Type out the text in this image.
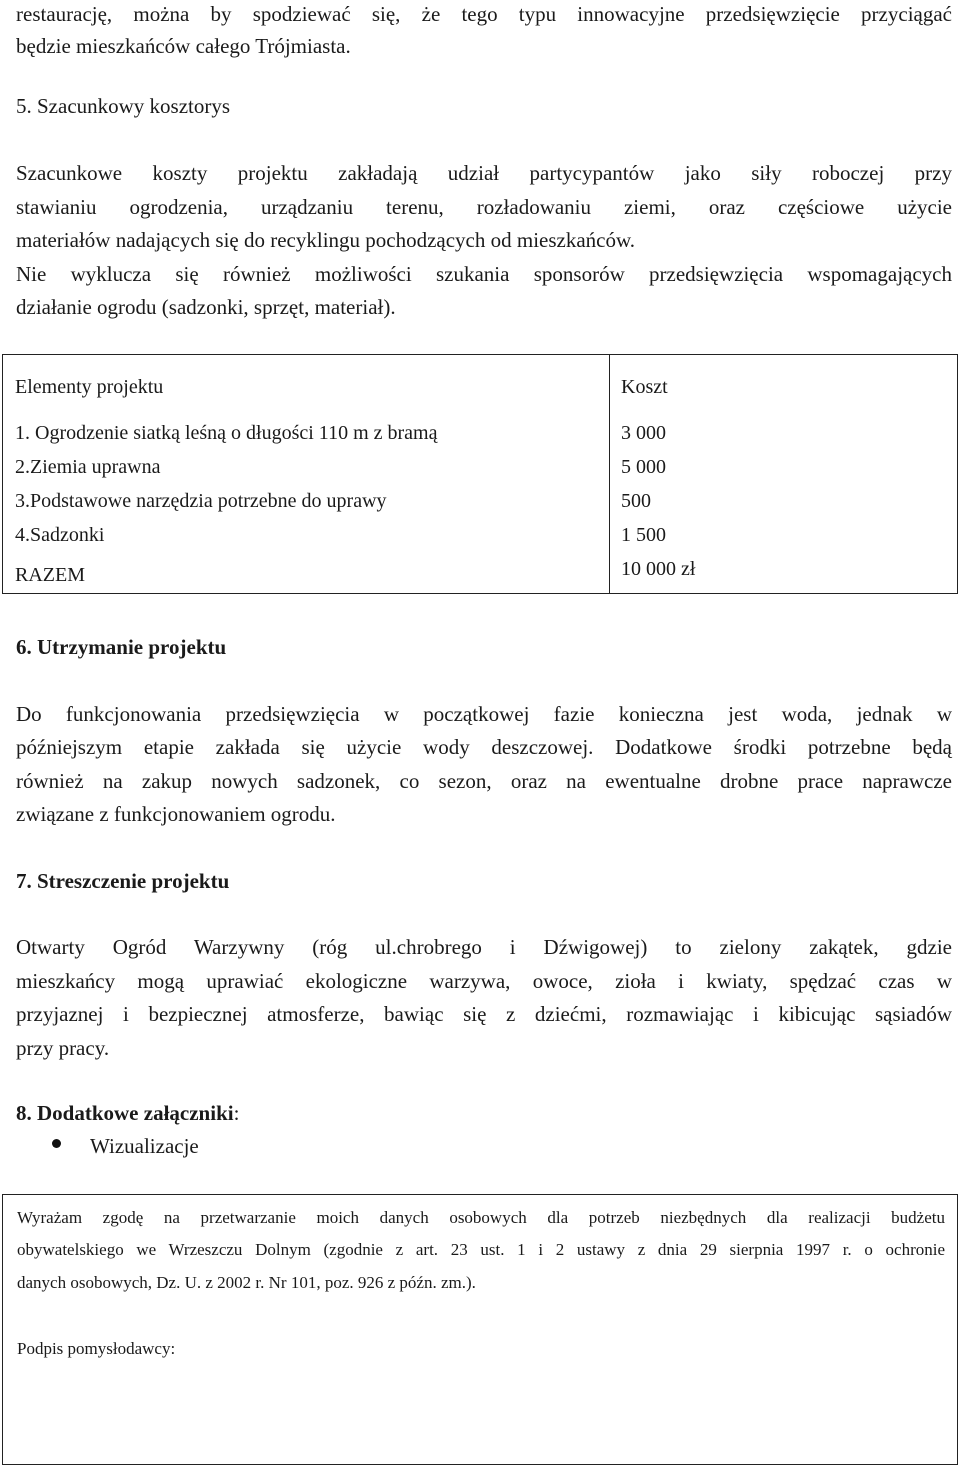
restaurację, można by spodziewać się, że tego typu innowacyjne przedsięwzięcie przyciągać
będzie mieszkańców całego Trójmiasta.
5. Szacunkowy kosztorys
Szacunkowe koszty projektu zakładają udział partycypantów jako siły roboczej przy
stawianiu ogrodzenia, urządzaniu terenu, rozładowaniu ziemi, oraz częściowe użycie
materiałów nadających się do recyklingu pochodzących od mieszkańców.
Nie wyklucza się również możliwości szukania sponsorów przedsięwzięcia wspomagających
działanie ogrodu (sadzonki, sprzęt, materiał).
Elementy projektu	Koszt
1. Ogrodzenie siatką leśną o długości 110 m z bramą	3 000
2.Ziemia uprawna	5 000
3.Podstawowe narzędzia potrzebne do uprawy	500
4.Sadzonki	1 500
RAZEM	10 000 zł
6. Utrzymanie projektu
Do funkcjonowania przedsięwzięcia w początkowej fazie konieczna jest woda, jednak w
późniejszym etapie zakłada się użycie wody deszczowej. Dodatkowe środki potrzebne będą
również na zakup nowych sadzonek, co sezon, oraz na ewentualne drobne prace naprawcze
związane z funkcjonowaniem ogrodu.
7. Streszczenie projektu
Otwarty Ogród Warzywny (róg ul.chrobrego i Dźwigowej) to zielony zakątek, gdzie
mieszkańcy mogą uprawiać ekologiczne warzywa, owoce, zioła i kwiaty, spędzać czas w
przyjaznej i bezpiecznej atmosferze, bawiąc się z dziećmi, rozmawiając i kibicując sąsiadów
przy pracy.
8. Dodatkowe załączniki:
Wizualizacje
Wyrażam zgodę na przetwarzanie moich danych osobowych dla potrzeb niezbędnych dla realizacji budżetu
obywatelskiego we Wrzeszczu Dolnym (zgodnie z art. 23 ust. 1 i 2 ustawy z dnia 29 sierpnia 1997 r. o ochronie
danych osobowych, Dz. U. z 2002 r. Nr 101, poz. 926 z późn. zm.).
Podpis pomysłodawcy:
